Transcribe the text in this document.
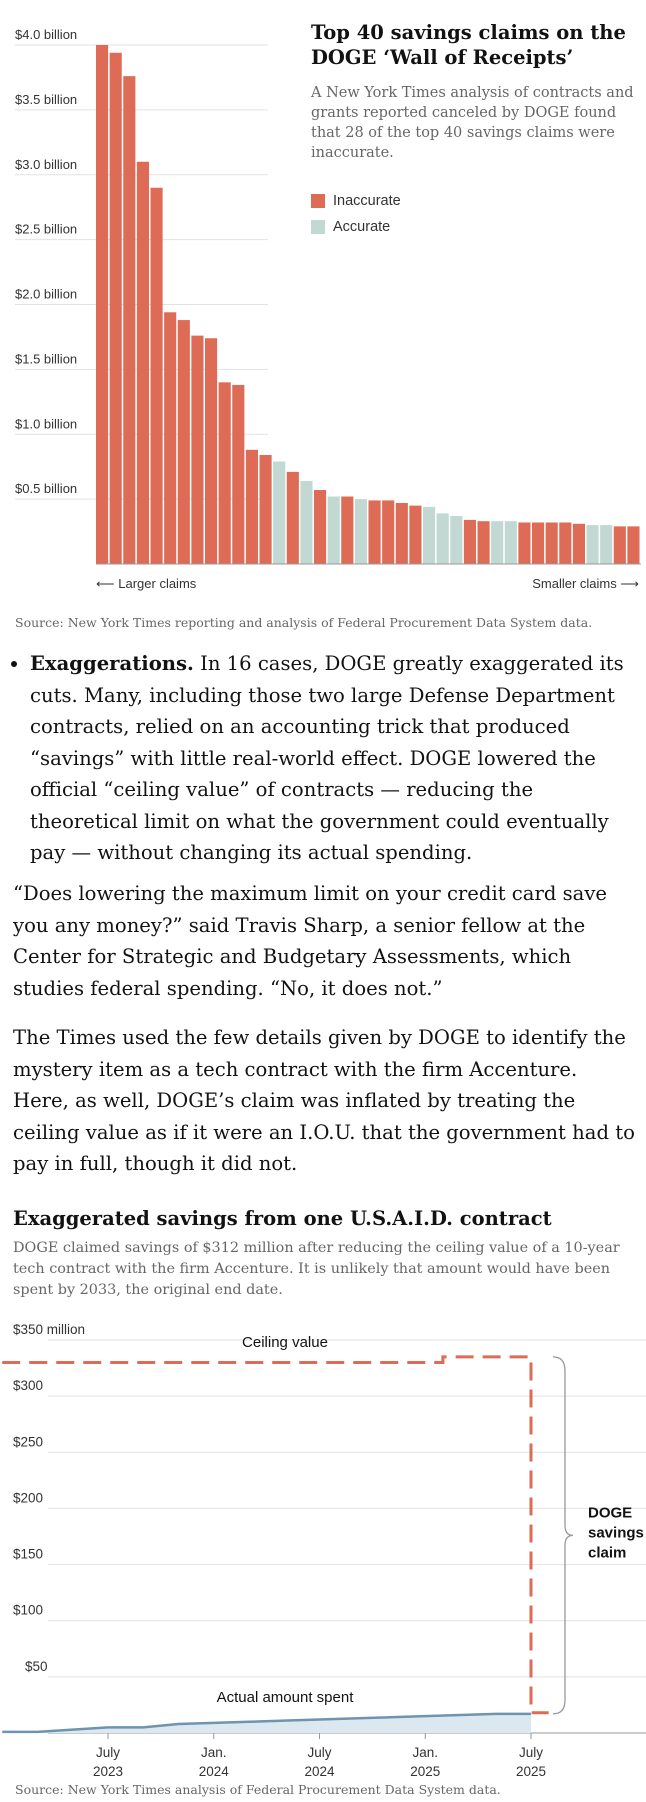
$0.5 billion
$1.0 billion
$1.5 billion
$2.0 billion
$2.5 billion
$3.0 billion
$3.5 billion
$4.0 billion
⟵ Larger claims	Smaller claims ⟶
Top 40 savings claims on the DOGE ‘Wall of Receipts’
A New York Times analysis of contracts and grants reported canceled by DOGE found that 28 of the top 40 savings claims were inaccurate.
Inaccurate
Accurate
Source: New York Times reporting and analysis of Federal Procurement Data System data.
• Exaggerations. In 16 cases, DOGE greatly exaggerated its cuts. Many, including those two large Defense Department contracts, relied on an accounting trick that produced “savings” with little real-world effect. DOGE lowered the official “ceiling value” of contracts — reducing the theoretical limit on what the government could eventually pay — without changing its actual spending.

“Does lowering the maximum limit on your credit card save you any money?” said Travis Sharp, a senior fellow at the Center for Strategic and Budgetary Assessments, which studies federal spending. “No, it does not.”

The Times used the few details given by DOGE to identify the mystery item as a tech contract with the firm Accenture. Here, as well, DOGE’s claim was inflated by treating the ceiling value as if it were an I.O.U. that the government had to pay in full, though it did not.

Exaggerated savings from one U.S.A.I.D. contract
DOGE claimed savings of $312 million after reducing the ceiling value of a 10-year tech contract with the firm Accenture. It is unlikely that amount would have been spent by 2033, the original end date.
$50
$100
$150
$200
$250
$300
$350 million
July
2023
Jan.
2024
July
2024
Jan.
2025
July
2025
Ceiling value
Actual amount spent
DOGE
savings
claim
Source: New York Times analysis of Federal Procurement Data System data.
